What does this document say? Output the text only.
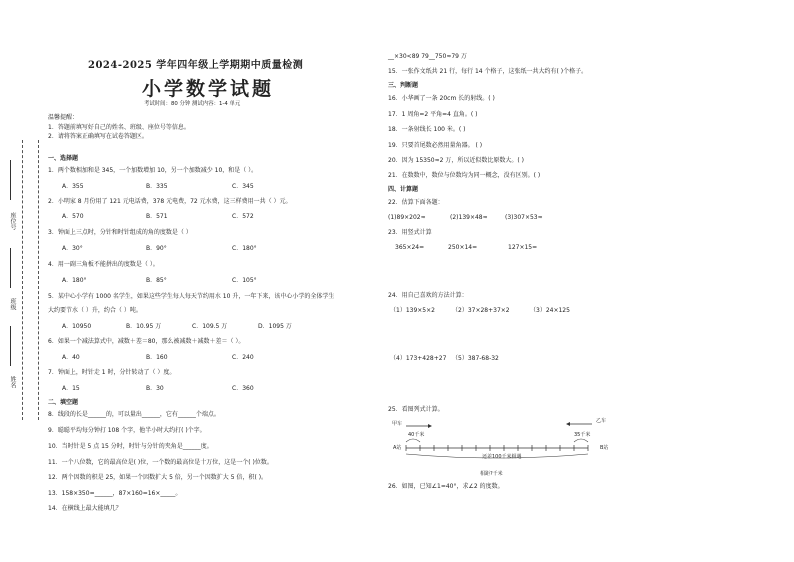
座位号
班级
姓名
2024-2025 学年四年级上学期期中质量检测
小学数学试题
考试时间：80 分钟 测试内容：1-4 单元
温馨提醒：
1．答题前填写好自己的姓名、班级、座位号等信息。
2．请将答案正确填写在试卷答题区。
一、选择题
1．两个数相加和是 345，一个加数增加 10，另一个加数减少 10，和是（ ）。
A．355	B．335	C．345
2．小明家 8 月份用了 121 元电话费，378 元电费，72 元水费，这三样费用一共（ ）元。
A．570	B．571	C．572
3．钟面上三点时，分针和时针组成的角的度数是（ ）
A．30°	B．90°	C．180°
4．用一副三角板不能拼出的度数是（ ）。
A．180°	B．85°	C．105°
5．某中心小学有 1000 名学生，如果这些学生每人每天节约用水 10 升，一年下来，该中心小学的全体学生
大约要节水（ ）升，约合（ ）吨。
A．10950	B．10.95 万	C．109.5 万	D．1095 万
6．如果一个减法算式中，减数＋差＝80，那么被减数＋减数＋差＝（ ）。
A．40	B．160	C．240
7．钟面上，时针走 1 时，分针转动了（ ）度。
A．15	B．30	C．360
二、填空题
8．线段的长是______的，可以量出______，它有______个端点。
9．聪聪平均每分钟打 108 个字，他半小时大约打( )个字。
10．当时针是 5 点 15 分时，时针与分针的夹角是______度。
11．一个八位数，它的最高位是( )位，一个数的最高位是十万位，这是一个( )位数。
12．两个因数的积是 25，如果一个因数扩大 5 倍，另一个因数扩大 5 倍，积( )。
13．158×350=______，87×160=16×_____。
14．在横线上最大能填几？
__×30<89 79__750≈79 万
15．一张作文纸共 21 行，每行 14 个格子，这张纸一共大约有( )个格子。
三、判断题
16．小华画了一条 20cm 长的射线。( )
17．1 周角=2 平角=4 直角。( )
18．一条射线长 100 米。( )
19．只要首尾数必然用量角器。 ( )
20．因为 15350≈2 万，所以近似数比原数大。( )
21．在数数中，数位与位数均为同一概念，没有区别。( )
四、计算题
22．估算下面各题：
(1)89×202≈	(2)139×48≈	(3)307×53≈
23．用竖式计算
365×24=	250×14=	127×15=
24．用自己喜欢的方法计算：
（1）139×5×2	（2）37×28+37×2	（3）24×125
（4）173+428+27 （5）387-68-32
25．看图列式计算。
甲车	乙车
40千米	35千米
A站	B站
还差100千米相遇
相距?千米
26．如图，已知∠1=40°，求∠2 的度数。
